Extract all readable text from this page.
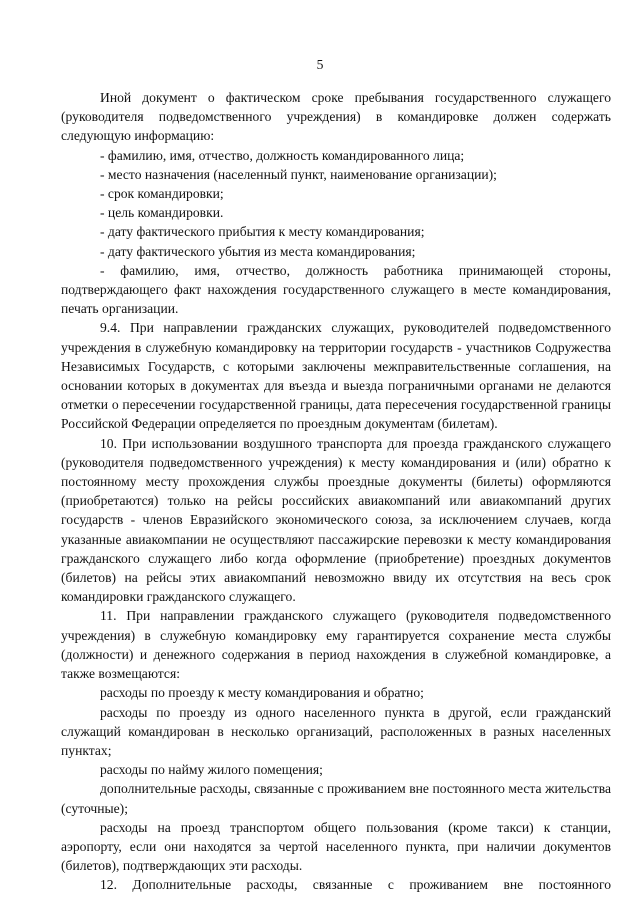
5

Иной документ о фактическом сроке пребывания государственного служащего (руководителя подведомственного учреждения) в командировке должен содержать следующую информацию:

- фамилию, имя, отчество, должность командированного лица;

- место назначения (населенный пункт, наименование организации);

- срок командировки;

- цель командировки.

- дату фактического прибытия к месту командирования;

- дату фактического убытия из места командирования;

- фамилию, имя, отчество, должность работника принимающей стороны, подтверждающего факт нахождения государственного служащего в месте командирования, печать организации.

9.4. При направлении гражданских служащих, руководителей подведомственного учреждения в служебную командировку на территории государств - участников Содружества Независимых Государств, с которыми заключены межправительственные соглашения, на основании которых в документах для въезда и выезда пограничными органами не делаются отметки о пересечении государственной границы, дата пересечения государственной границы Российской Федерации определяется по проездным документам (билетам).

10. При использовании воздушного транспорта для проезда гражданского служащего (руководителя подведомственного учреждения) к месту командирования и (или) обратно к постоянному месту прохождения службы проездные документы (билеты) оформляются (приобретаются) только на рейсы российских авиакомпаний или авиакомпаний других государств - членов Евразийского экономического союза, за исключением случаев, когда указанные авиакомпании не осуществляют пассажирские перевозки к месту командирования гражданского служащего либо когда оформление (приобретение) проездных документов (билетов) на рейсы этих авиакомпаний невозможно ввиду их отсутствия на весь срок командировки гражданского служащего.

11. При направлении гражданского служащего (руководителя подведомственного учреждения) в служебную командировку ему гарантируется сохранение места службы (должности) и денежного содержания в период нахождения в служебной командировке, а также возмещаются:

расходы по проезду к месту командирования и обратно;

расходы по проезду из одного населенного пункта в другой, если гражданский служащий командирован в несколько организаций, расположенных в разных населенных пунктах;

расходы по найму жилого помещения;

дополнительные расходы, связанные с проживанием вне постоянного места жительства (суточные);

расходы на проезд транспортом общего пользования (кроме такси) к станции, аэропорту, если они находятся за чертой населенного пункта, при наличии документов (билетов), подтверждающих эти расходы.

12. Дополнительные расходы, связанные с проживанием вне постоянного
